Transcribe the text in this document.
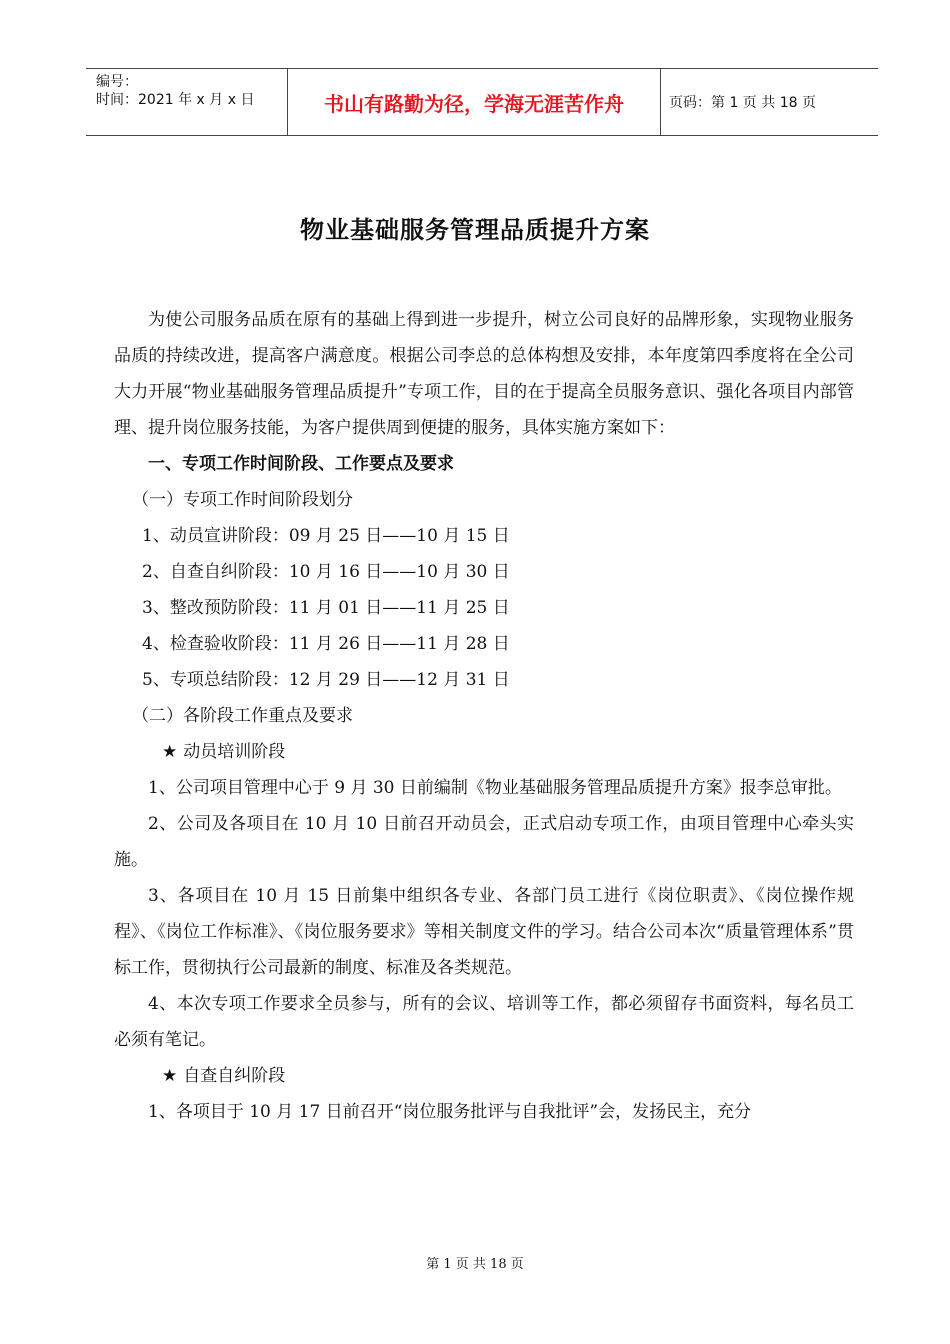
编号：
时间：2021 年 x 月 x 日	书山有路勤为径，学海无涯苦作舟	页码：第 1 页 共 18 页
物业基础服务管理品质提升方案

为使公司服务品质在原有的基础上得到进一步提升，树立公司良好的品牌形象，实现物业服务品质的持续改进，提高客户满意度。根据公司李总的总体构想及安排，本年度第四季度将在全公司大力开展“物业基础服务管理品质提升”专项工作，目的在于提高全员服务意识、强化各项目内部管理、提升岗位服务技能，为客户提供周到便捷的服务，具体实施方案如下：

一、专项工作时间阶段、工作要点及要求

（一）专项工作时间阶段划分

1、动员宣讲阶段：09 月 25 日——10 月 15 日

2、自查自纠阶段：10 月 16 日——10 月 30 日

3、整改预防阶段：11 月 01 日——11 月 25 日

4、检查验收阶段：11 月 26 日——11 月 28 日

5、专项总结阶段：12 月 29 日——12 月 31 日

（二）各阶段工作重点及要求

★ 动员培训阶段

1、公司项目管理中心于 9 月 30 日前编制《物业基础服务管理品质提升方案》报李总审批。

2、公司及各项目在 10 月 10 日前召开动员会，正式启动专项工作，由项目管理中心牵头实施。

3、各项目在 10 月 15 日前集中组织各专业、各部门员工进行《岗位职责》、《岗位操作规程》、《岗位工作标准》、《岗位服务要求》等相关制度文件的学习。结合公司本次“质量管理体系”贯标工作，贯彻执行公司最新的制度、标准及各类规范。

4、本次专项工作要求全员参与，所有的会议、培训等工作，都必须留存书面资料，每名员工必须有笔记。

★ 自查自纠阶段

1、各项目于 10 月 17 日前召开“岗位服务批评与自我批评”会，发扬民主，充分

第 1 页 共 18 页
